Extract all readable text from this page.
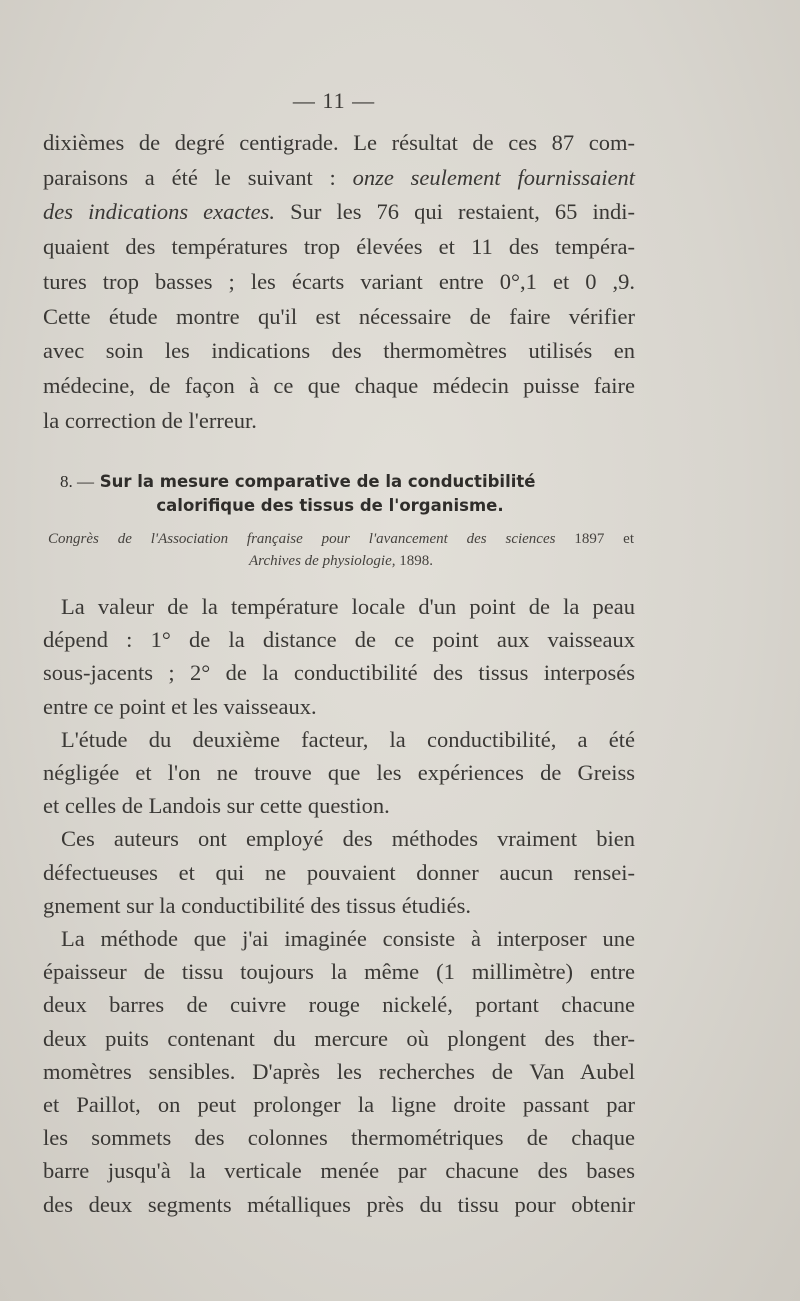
— 11 —

dixièmes de degré centigrade. Le résultat de ces 87 com-
paraisons a été le suivant : onze seulement fournissaient
des indications exactes. Sur les 76 qui restaient, 65 indi-
quaient des températures trop élevées et 11 des tempéra-
tures trop basses ; les écarts variant entre 0°,1 et 0 ,9.
Cette étude montre qu'il est nécessaire de faire vérifier
avec soin les indications des thermomètres utilisés en
médecine, de façon à ce que chaque médecin puisse faire
la correction de l'erreur.

8. — Sur la mesure comparative de la conductibilité
calorifique des tissus de l'organisme.
Congrès de l'Association française pour l'avancement des sciences 1897 et
Archives de physiologie, 1898.

La valeur de la température locale d'un point de la peau
dépend : 1° de la distance de ce point aux vaisseaux
sous-jacents ; 2° de la conductibilité des tissus interposés
entre ce point et les vaisseaux.

L'étude du deuxième facteur, la conductibilité, a été
négligée et l'on ne trouve que les expériences de Greiss
et celles de Landois sur cette question.

Ces auteurs ont employé des méthodes vraiment bien
défectueuses et qui ne pouvaient donner aucun rensei-
gnement sur la conductibilité des tissus étudiés.

La méthode que j'ai imaginée consiste à interposer une
épaisseur de tissu toujours la même (1 millimètre) entre
deux barres de cuivre rouge nickelé, portant chacune
deux puits contenant du mercure où plongent des ther-
momètres sensibles. D'après les recherches de Van Aubel
et Paillot, on peut prolonger la ligne droite passant par
les sommets des colonnes thermométriques de chaque
barre jusqu'à la verticale menée par chacune des bases
des deux segments métalliques près du tissu pour obtenir
